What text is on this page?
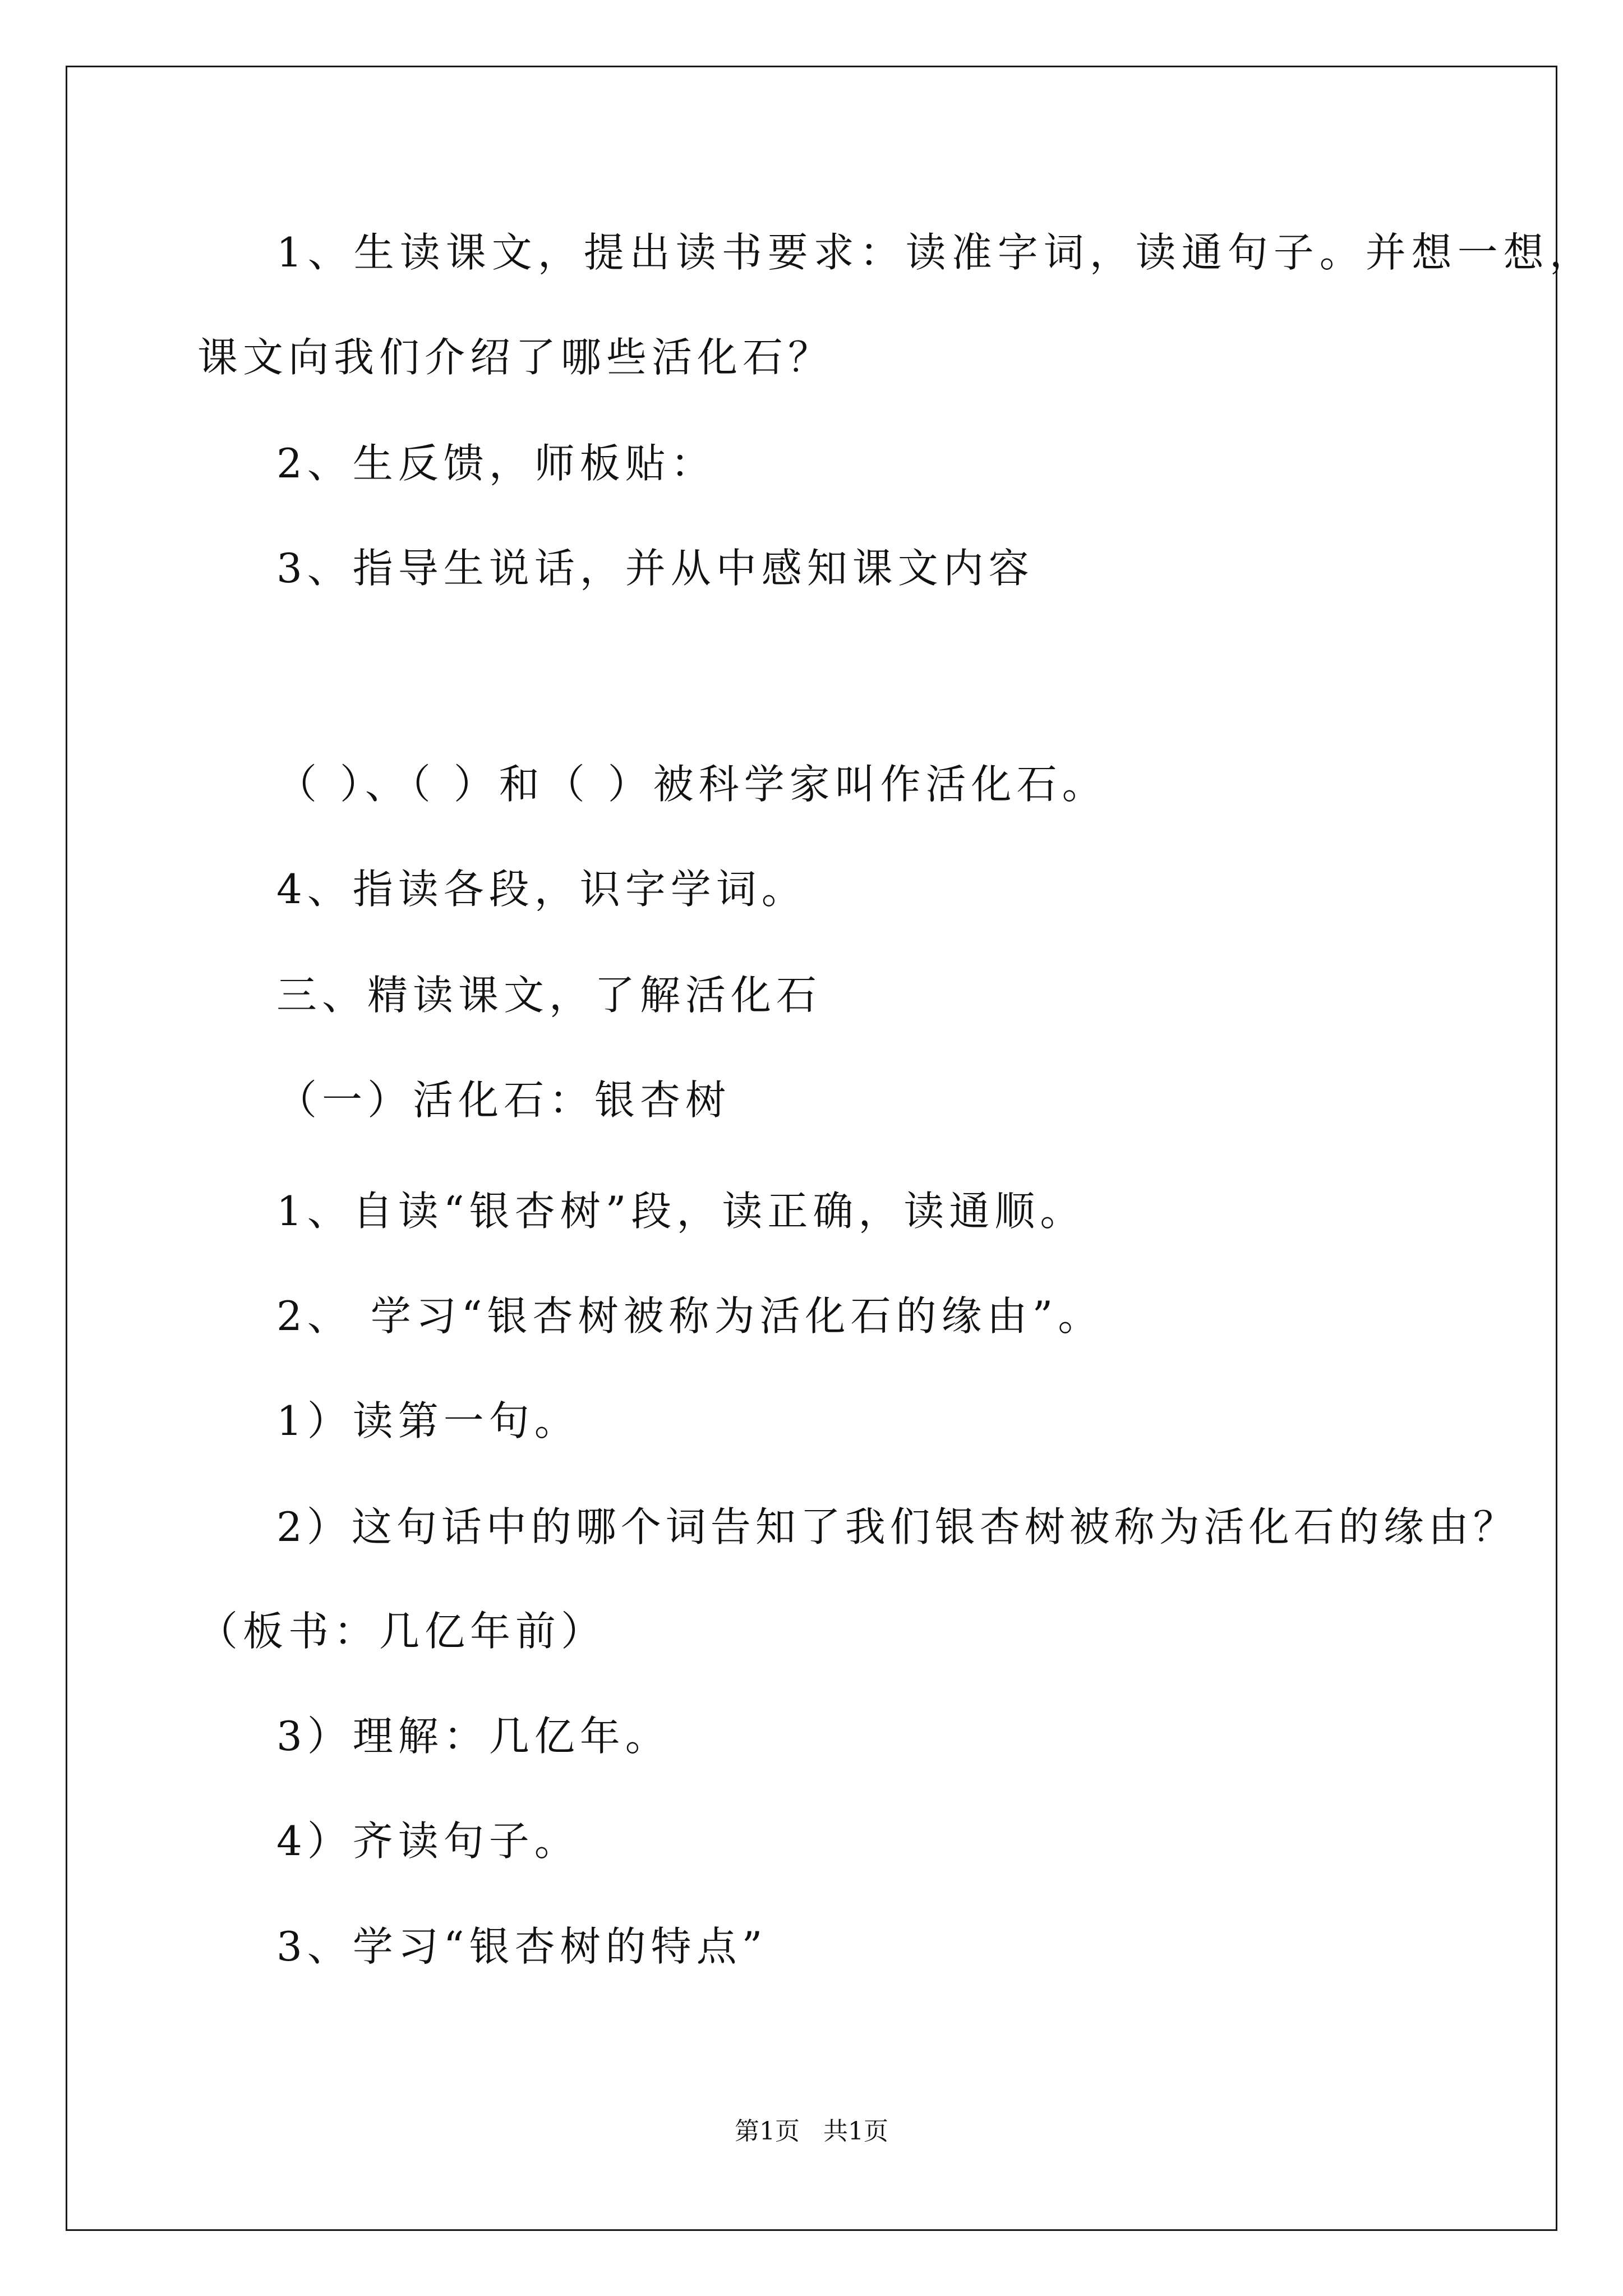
1、生读课文，提出读书要求：读准字词，读通句子。并想一想，
课文向我们介绍了哪些活化石？
2、生反馈，师板贴：
3、指导生说话，并从中感知课文内容
（ ）、（ ）和（ ）被科学家叫作活化石。
4、指读各段，识字学词。
三、精读课文，了解活化石
（一）活化石：银杏树
1、自读“银杏树”段，读正确，读通顺。
2、 学习“银杏树被称为活化石的缘由”。
1）读第一句。
2）这句话中的哪个词告知了我们银杏树被称为活化石的缘由？
（板书：几亿年前）
3）理解：几亿年。
4）齐读句子。
3、学习“银杏树的特点”
第1页   共1页
